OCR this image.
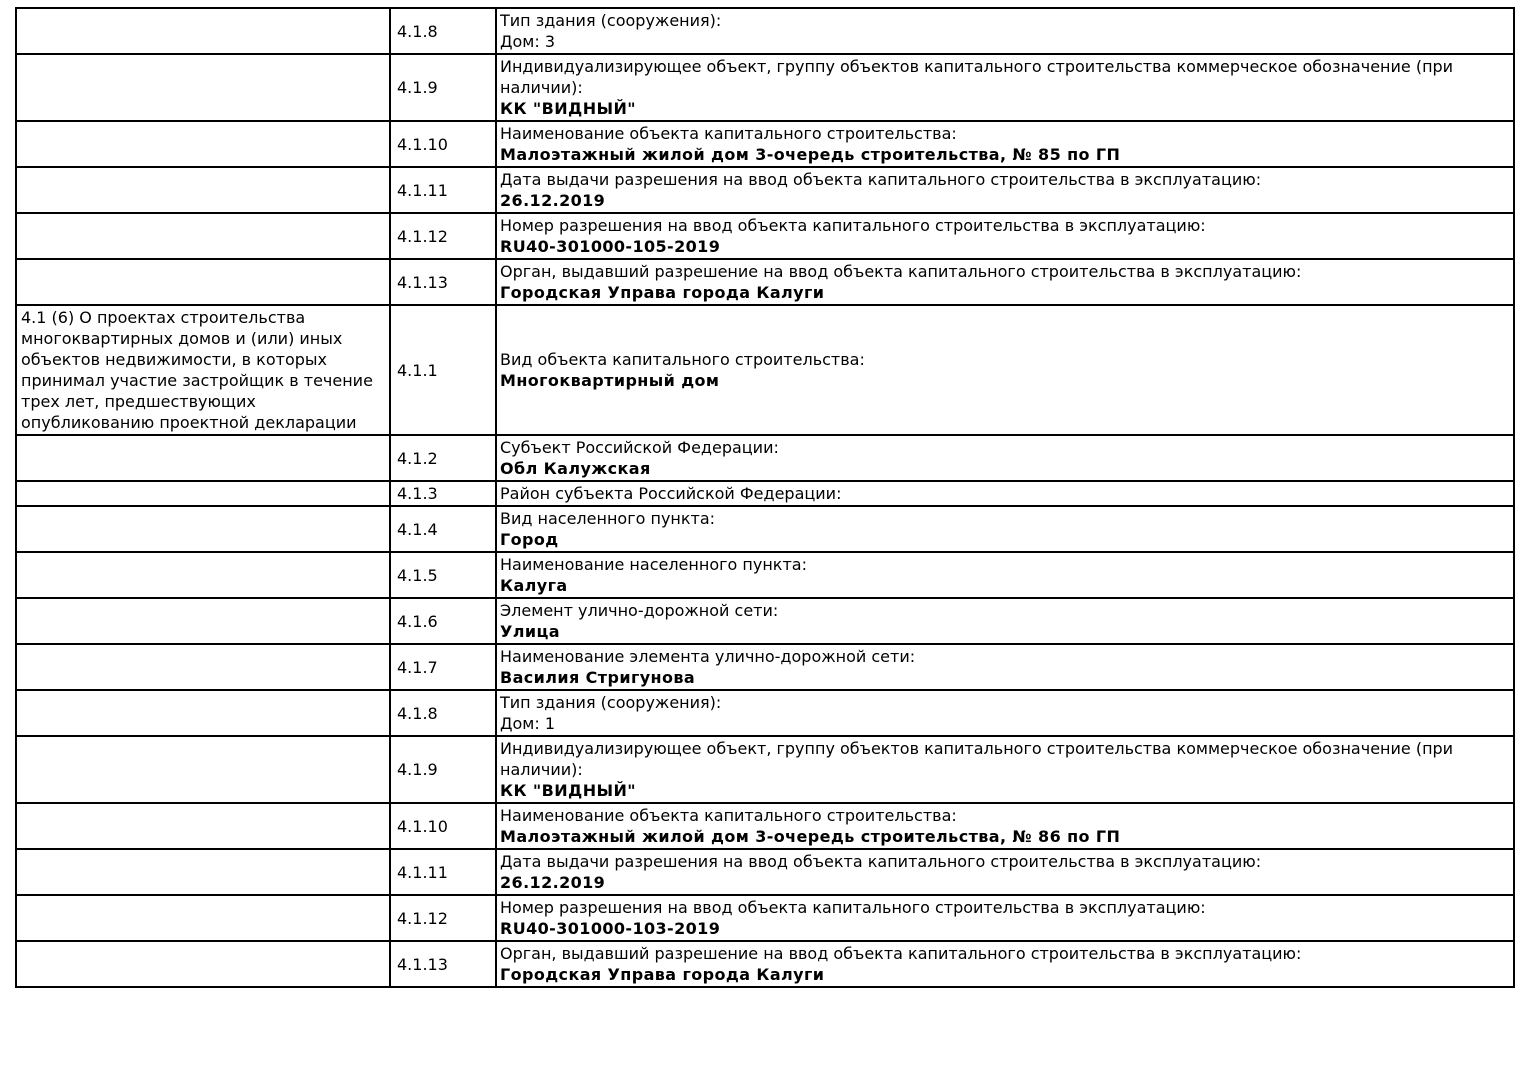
	4.1.8	Тип здания (сооружения):
Дом: 3

	4.1.9	Индивидуализирующее объект, группу объектов капитального строительства коммерческое обозначение (при наличии):
КК "ВИДНЫЙ"

	4.1.10	Наименование объекта капитального строительства:
Малоэтажный жилой дом 3-очередь строительства, № 85 по ГП

	4.1.11	Дата выдачи разрешения на ввод объекта капитального строительства в эксплуатацию:
26.12.2019

	4.1.12	Номер разрешения на ввод объекта капитального строительства в эксплуатацию:
RU40-301000-105-2019

	4.1.13	Орган, выдавший разрешение на ввод объекта капитального строительства в эксплуатацию:
Городская Управа города Калуги

4.1 (6) О проектах строительства многоквартирных домов и (или) иных объектов недвижимости, в которых принимал участие застройщик в течение трех лет, предшествующих опубликованию проектной декларации	4.1.1	Вид объекта капитального строительства:
Многоквартирный дом

	4.1.2	Субъект Российской Федерации:
Обл Калужская

	4.1.3	Район субъекта Российской Федерации:

	4.1.4	Вид населенного пункта:
Город

	4.1.5	Наименование населенного пункта:
Калуга

	4.1.6	Элемент улично-дорожной сети:
Улица

	4.1.7	Наименование элемента улично-дорожной сети:
Василия Стригунова

	4.1.8	Тип здания (сооружения):
Дом: 1

	4.1.9	Индивидуализирующее объект, группу объектов капитального строительства коммерческое обозначение (при наличии):
КК "ВИДНЫЙ"

	4.1.10	Наименование объекта капитального строительства:
Малоэтажный жилой дом 3-очередь строительства, № 86 по ГП

	4.1.11	Дата выдачи разрешения на ввод объекта капитального строительства в эксплуатацию:
26.12.2019

	4.1.12	Номер разрешения на ввод объекта капитального строительства в эксплуатацию:
RU40-301000-103-2019

	4.1.13	Орган, выдавший разрешение на ввод объекта капитального строительства в эксплуатацию:
Городская Управа города Калуги
